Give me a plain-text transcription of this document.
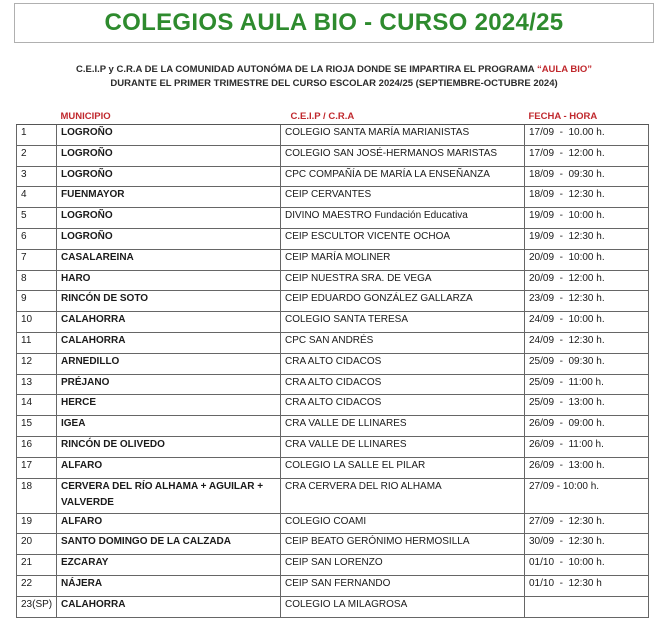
COLEGIOS AULA BIO - CURSO 2024/25
C.E.I.P y C.R.A DE LA COMUNIDAD AUTONÓMA DE LA RIOJA DONDE SE IMPARTIRA EL PROGRAMA “AULA BIO”
DURANTE EL PRIMER TRIMESTRE DEL CURSO ESCOLAR 2024/25 (SEPTIEMBRE-OCTUBRE 2024)
	MUNICIPIO	C.E.I.P / C.R.A	FECHA - HORA
1	LOGROÑO	COLEGIO SANTA MARÍA MARIANISTAS	17/09  -  10.00 h.
2	LOGROÑO	COLEGIO SAN JOSÉ-HERMANOS MARISTAS	17/09  -  12:00 h.
3	LOGROÑO	CPC COMPAÑÍA DE MARÍA LA ENSEÑANZA	18/09  -  09:30 h.
4	FUENMAYOR	CEIP CERVANTES	18/09  -  12:30 h.
5	LOGROÑO	DIVINO MAESTRO Fundación Educativa	19/09  -  10:00 h.
6	LOGROÑO	CEIP ESCULTOR VICENTE OCHOA	19/09  -  12:30 h.
7	CASALAREINA	CEIP MARÍA MOLINER	20/09  -  10:00 h.
8	HARO	CEIP NUESTRA SRA. DE VEGA	20/09  -  12:00 h.
9	RINCÓN DE SOTO	CEIP EDUARDO GONZÁLEZ GALLARZA	23/09  -  12:30 h.
10	CALAHORRA	COLEGIO SANTA TERESA	24/09  -  10:00 h.
11	CALAHORRA	CPC SAN ANDRÉS	24/09  -  12:30 h.
12	ARNEDILLO	CRA ALTO CIDACOS	25/09  -  09:30 h.
13	PRÉJANO	CRA ALTO CIDACOS	25/09  -  11:00 h.
14	HERCE	CRA ALTO CIDACOS	25/09  -  13:00 h.
15	IGEA	CRA VALLE DE LLINARES	26/09  -  09:00 h.
16	RINCÓN DE OLIVEDO	CRA VALLE DE LLINARES	26/09  -  11:00 h.
17	ALFARO	COLEGIO LA SALLE EL PILAR	26/09  -  13:00 h.
18	CERVERA DEL RÍO ALHAMA + AGUILAR + VALVERDE	CRA CERVERA DEL RIO ALHAMA	27/09 - 10:00 h.
19	ALFARO	COLEGIO COAMI	27/09  -  12:30 h.
20	SANTO DOMINGO DE LA CALZADA	CEIP BEATO GERÓNIMO HERMOSILLA	30/09  -  12:30 h.
21	EZCARAY	CEIP SAN LORENZO	01/10  -  10:00 h.
22	NÁJERA	CEIP SAN FERNANDO	01/10  -  12:30 h
23(SP)	CALAHORRA	COLEGIO LA MILAGROSA	
